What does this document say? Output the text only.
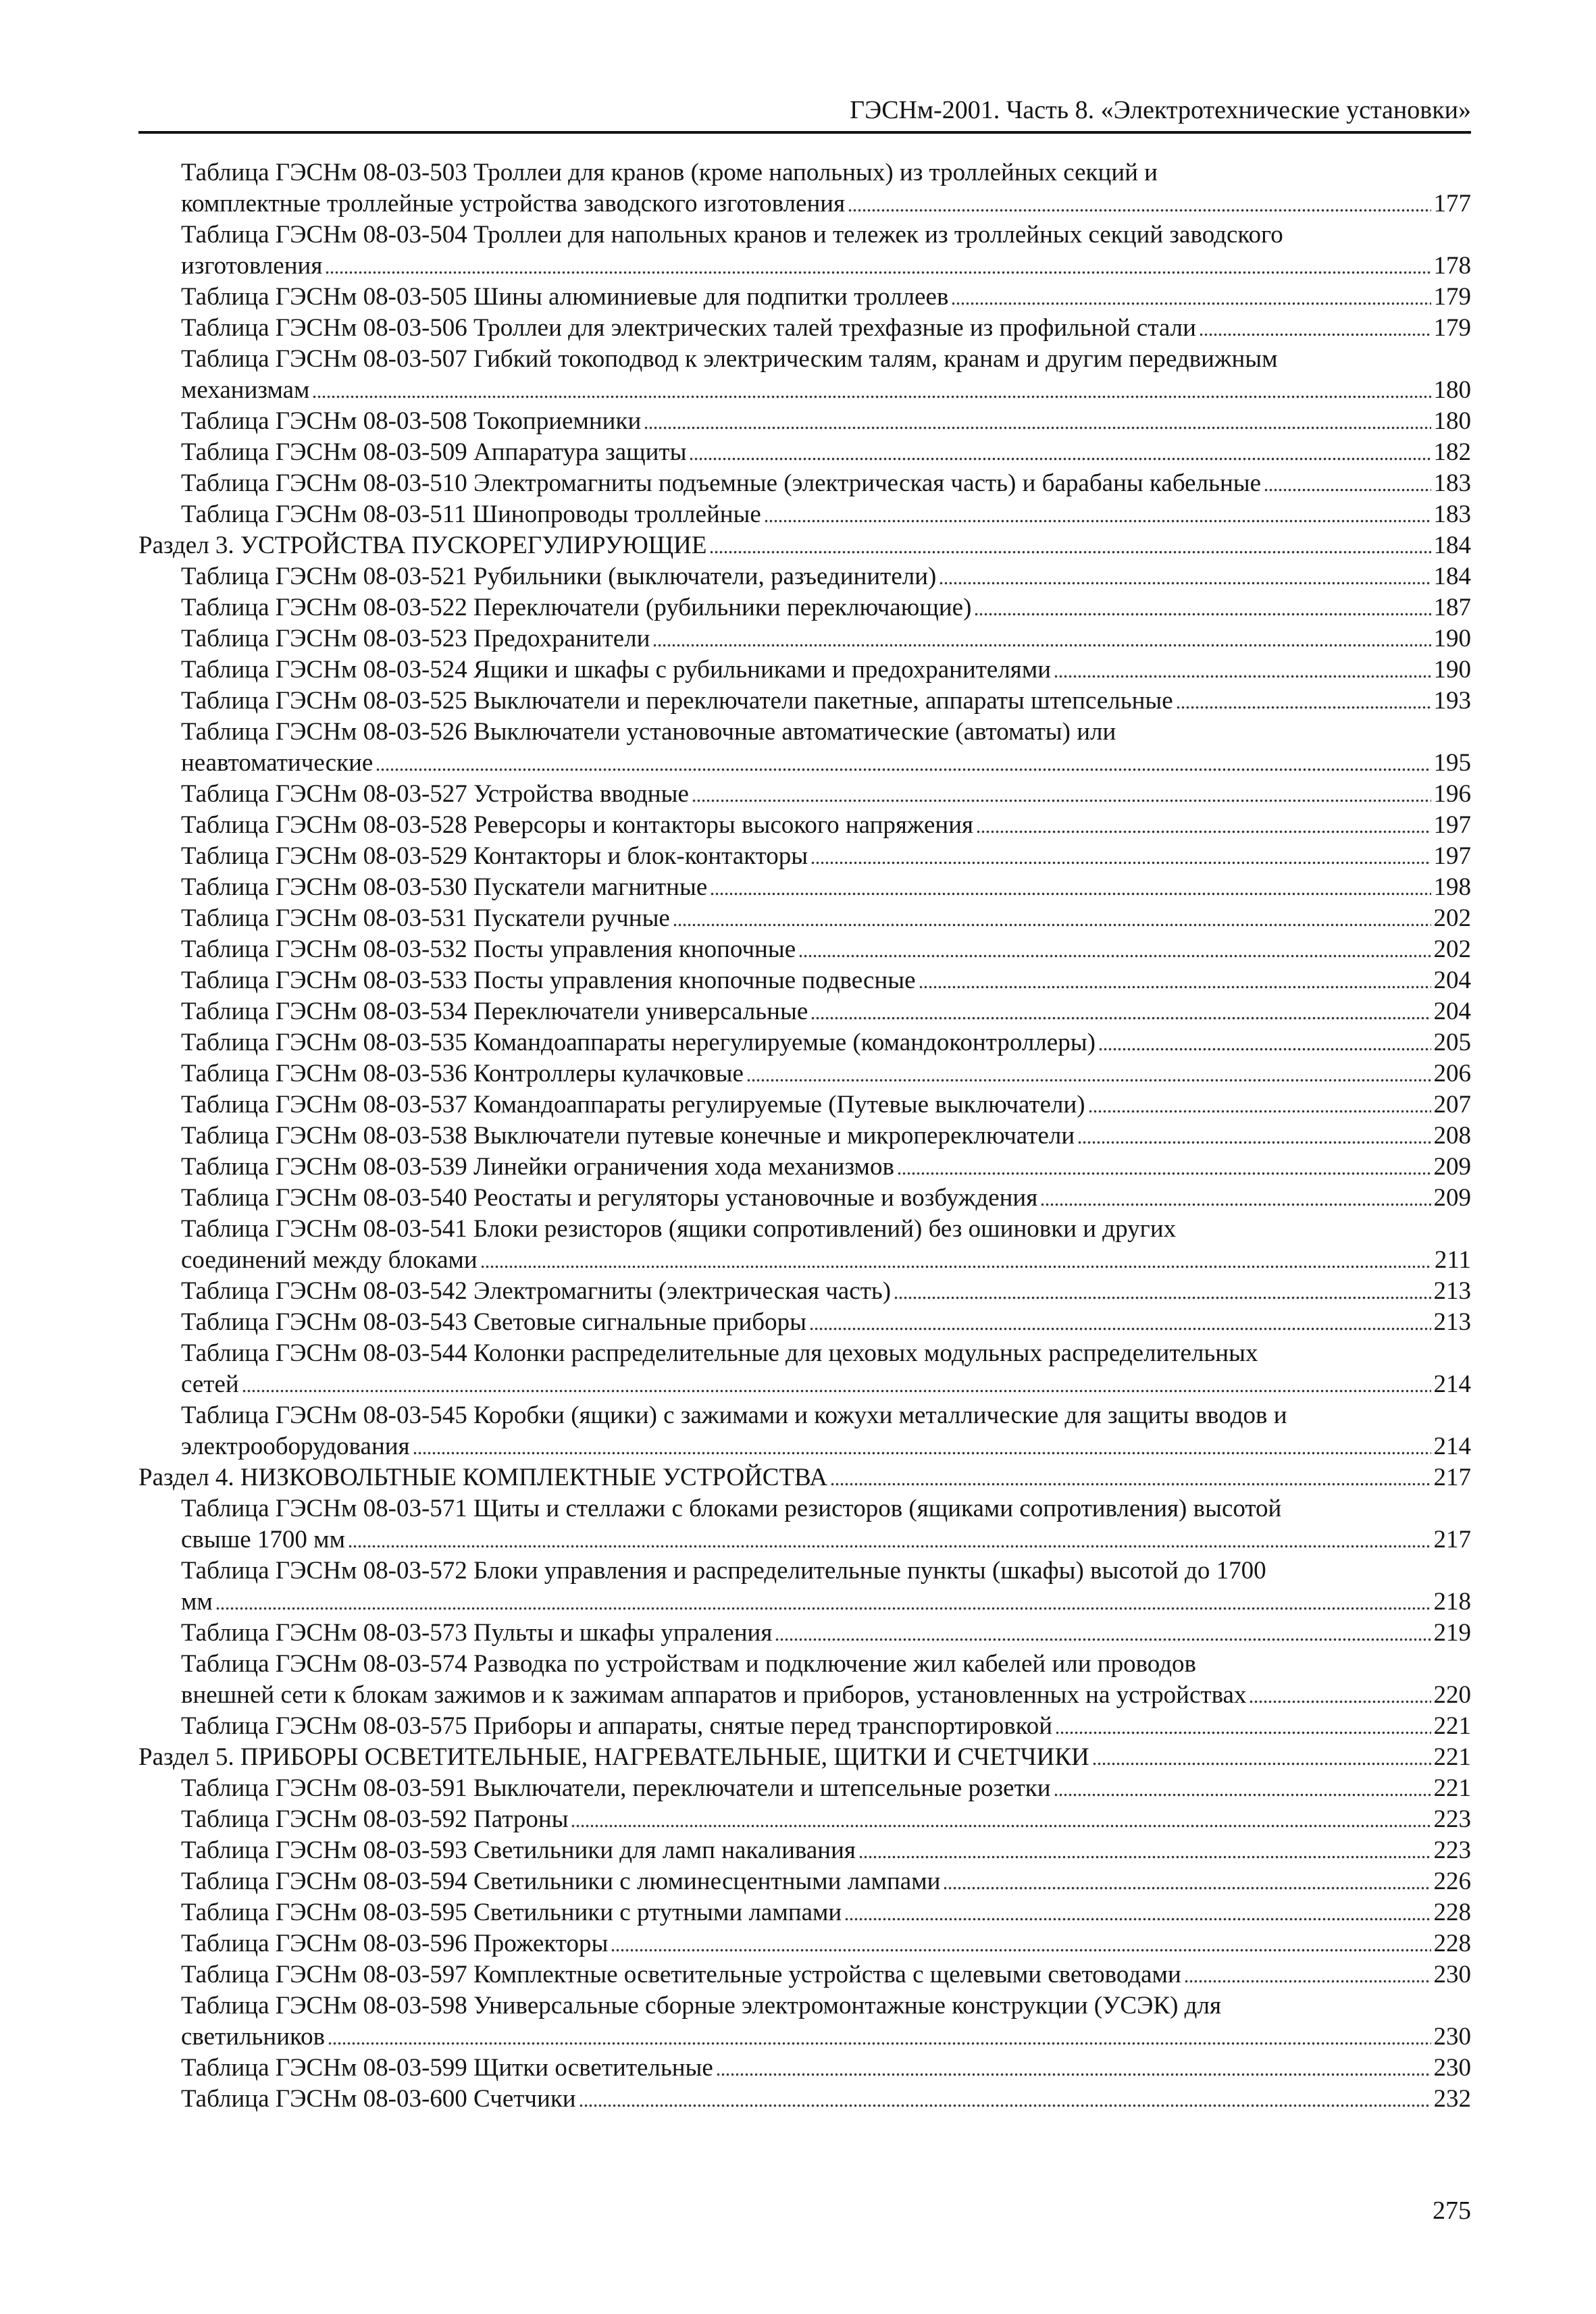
ГЭСНм-2001. Часть 8. «Электротехнические установки»
Таблица ГЭСНм 08-03-503 Троллеи для кранов (кроме напольных) из троллейных секций и
комплектные троллейные устройства заводского изготовления	177
Таблица ГЭСНм 08-03-504 Троллеи для напольных кранов и тележек из троллейных секций заводского
изготовления	178
Таблица ГЭСНм 08-03-505 Шины алюминиевые для подпитки троллеев	179
Таблица ГЭСНм 08-03-506 Троллеи для электрических талей трехфазные из профильной стали	179
Таблица ГЭСНм 08-03-507 Гибкий токоподвод к электрическим талям, кранам и другим передвижным
механизмам	180
Таблица ГЭСНм 08-03-508 Токоприемники	180
Таблица ГЭСНм 08-03-509 Аппаратура защиты	182
Таблица ГЭСНм 08-03-510 Электромагниты подъемные (электрическая часть) и барабаны кабельные	183
Таблица ГЭСНм 08-03-511 Шинопроводы троллейные	183
Раздел 3. УСТРОЙСТВА ПУСКОРЕГУЛИРУЮЩИЕ	184
Таблица ГЭСНм 08-03-521 Рубильники (выключатели, разъединители)	184
Таблица ГЭСНм 08-03-522 Переключатели (рубильники переключающие)	187
Таблица ГЭСНм 08-03-523 Предохранители	190
Таблица ГЭСНм 08-03-524 Ящики и шкафы с рубильниками и предохранителями	190
Таблица ГЭСНм 08-03-525 Выключатели и переключатели пакетные, аппараты штепсельные	193
Таблица ГЭСНм 08-03-526 Выключатели установочные автоматические (автоматы) или
неавтоматические	195
Таблица ГЭСНм 08-03-527 Устройства вводные	196
Таблица ГЭСНм 08-03-528 Реверсоры и контакторы высокого напряжения	197
Таблица ГЭСНм 08-03-529 Контакторы и блок-контакторы	197
Таблица ГЭСНм 08-03-530 Пускатели магнитные	198
Таблица ГЭСНм 08-03-531 Пускатели ручные	202
Таблица ГЭСНм 08-03-532 Посты управления кнопочные	202
Таблица ГЭСНм 08-03-533 Посты управления кнопочные подвесные	204
Таблица ГЭСНм 08-03-534 Переключатели универсальные	204
Таблица ГЭСНм 08-03-535 Командоаппараты нерегулируемые (командоконтроллеры)	205
Таблица ГЭСНм 08-03-536 Контроллеры кулачковые	206
Таблица ГЭСНм 08-03-537 Командоаппараты регулируемые (Путевые выключатели)	207
Таблица ГЭСНм 08-03-538 Выключатели путевые конечные и микропереключатели	208
Таблица ГЭСНм 08-03-539 Линейки ограничения хода механизмов	209
Таблица ГЭСНм 08-03-540 Реостаты и регуляторы установочные и возбуждения	209
Таблица ГЭСНм 08-03-541 Блоки резисторов (ящики сопротивлений) без ошиновки и других
соединений между блоками	211
Таблица ГЭСНм 08-03-542 Электромагниты (электрическая часть)	213
Таблица ГЭСНм 08-03-543 Световые сигнальные приборы	213
Таблица ГЭСНм 08-03-544 Колонки распределительные для цеховых модульных распределительных
сетей	214
Таблица ГЭСНм 08-03-545 Коробки (ящики) с зажимами и кожухи металлические для защиты вводов и
электрооборудования	214
Раздел 4. НИЗКОВОЛЬТНЫЕ КОМПЛЕКТНЫЕ УСТРОЙСТВА	217
Таблица ГЭСНм 08-03-571 Щиты и стеллажи с блоками резисторов (ящиками сопротивления) высотой
свыше 1700 мм	217
Таблица ГЭСНм 08-03-572 Блоки управления и распределительные пункты (шкафы) высотой до 1700
мм	218
Таблица ГЭСНм 08-03-573 Пульты и шкафы упраления	219
Таблица ГЭСНм 08-03-574 Разводка по устройствам и подключение жил кабелей или проводов
внешней сети к блокам зажимов и к зажимам аппаратов и приборов, установленных на устройствах	220
Таблица ГЭСНм 08-03-575 Приборы и аппараты, снятые перед транспортировкой	221
Раздел 5. ПРИБОРЫ ОСВЕТИТЕЛЬНЫЕ, НАГРЕВАТЕЛЬНЫЕ, ЩИТКИ И СЧЕТЧИКИ	221
Таблица ГЭСНм 08-03-591 Выключатели, переключатели и штепсельные розетки	221
Таблица ГЭСНм 08-03-592 Патроны	223
Таблица ГЭСНм 08-03-593 Светильники для ламп накаливания	223
Таблица ГЭСНм 08-03-594 Светильники с люминесцентными лампами	226
Таблица ГЭСНм 08-03-595 Светильники с ртутными лампами	228
Таблица ГЭСНм 08-03-596 Прожекторы	228
Таблица ГЭСНм 08-03-597 Комплектные осветительные устройства с щелевыми световодами	230
Таблица ГЭСНм 08-03-598 Универсальные сборные электромонтажные конструкции (УСЭК) для
светильников	230
Таблица ГЭСНм 08-03-599 Щитки осветительные	230
Таблица ГЭСНм 08-03-600 Счетчики	232
275
